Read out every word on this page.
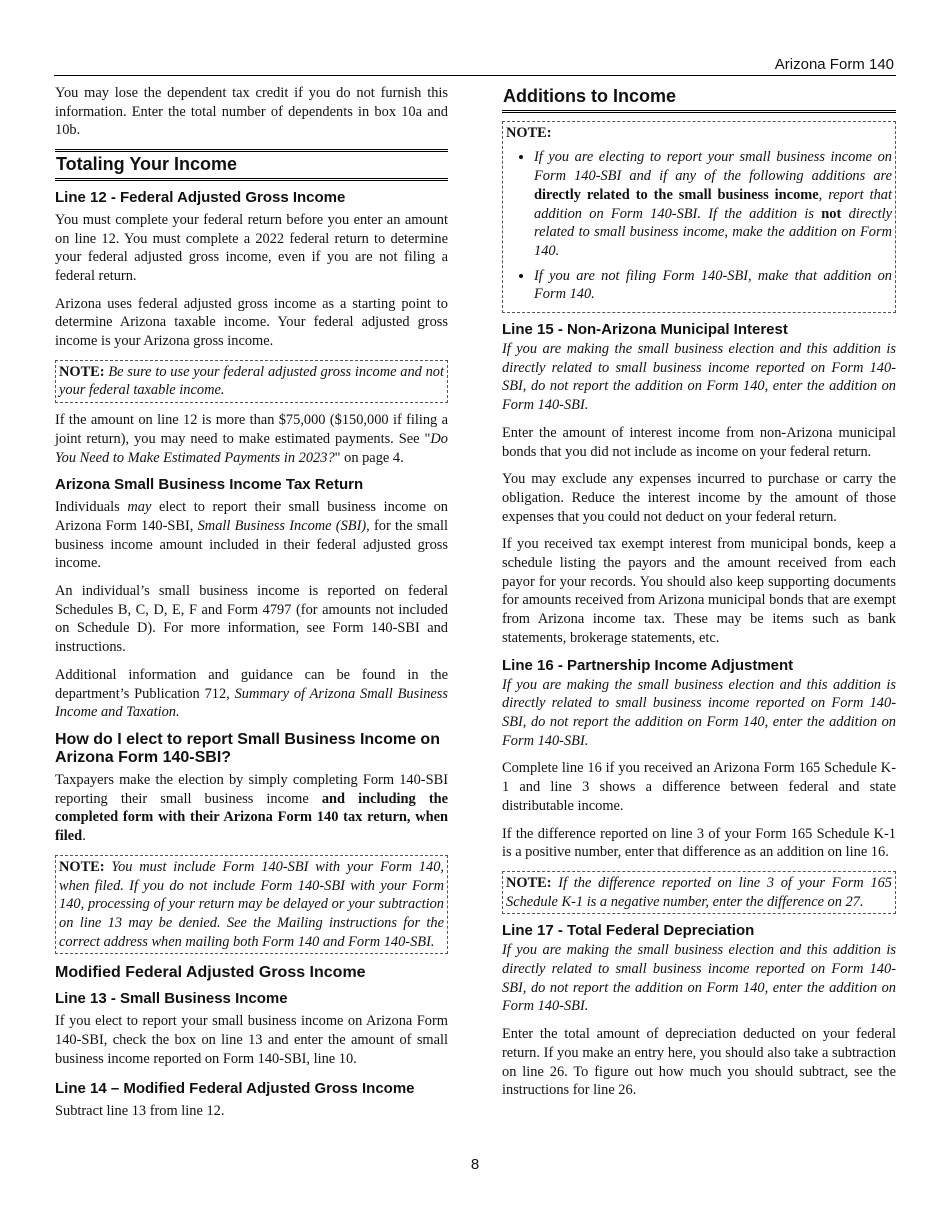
Arizona Form 140

You may lose the dependent tax credit if you do not furnish this information. Enter the total number of dependents in box 10a and 10b.

Totaling Your Income
Line 12 - Federal Adjusted Gross Income

You must complete your federal return before you enter an amount on line 12. You must complete a 2022 federal return to determine your federal adjusted gross income, even if you are not filing a federal return.

Arizona uses federal adjusted gross income as a starting point to determine Arizona taxable income. Your federal adjusted gross income is your Arizona gross income.

NOTE: Be sure to use your federal adjusted gross income and not your federal taxable income.

If the amount on line 12 is more than $75,000 ($150,000 if filing a joint return), you may need to make estimated payments. See "Do You Need to Make Estimated Payments in 2023?" on page 4.

Arizona Small Business Income Tax Return

Individuals may elect to report their small business income on Arizona Form 140-SBI, Small Business Income (SBI), for the small business income amount included in their federal adjusted gross income.

An individual’s small business income is reported on federal Schedules B, C, D, E, F and Form 4797 (for amounts not included on Schedule D). For more information, see Form 140-SBI and instructions.

Additional information and guidance can be found in the department’s Publication 712, Summary of Arizona Small Business Income and Taxation.

How do I elect to report Small Business Income on Arizona Form 140-SBI?

Taxpayers make the election by simply completing Form 140-SBI reporting their small business income and including the completed form with their Arizona Form 140 tax return, when filed.

NOTE: You must include Form 140-SBI with your Form 140, when filed. If you do not include Form 140-SBI with your Form 140, processing of your return may be delayed or your subtraction on line 13 may be denied. See the Mailing instructions for the correct address when mailing both Form 140 and Form 140-SBI.
Modified Federal Adjusted Gross Income
Line 13 - Small Business Income

If you elect to report your small business income on Arizona Form 140-SBI, check the box on line 13 and enter the amount of small business income reported on Form 140-SBI, line 10.

Line 14 – Modified Federal Adjusted Gross Income

Subtract line 13 from line 12.

Additions to Income
NOTE:
• If you are electing to report your small business income on Form 140-SBI and if any of the following additions are directly related to the small business income, report that addition on Form 140-SBI. If the addition is not directly related to small business income, make the addition on Form 140.
• If you are not filing Form 140-SBI, make that addition on Form 140.
Line 15 - Non-Arizona Municipal Interest

If you are making the small business election and this addition is directly related to small business income reported on Form 140-SBI, do not report the addition on Form 140, enter the addition on Form 140-SBI.

Enter the amount of interest income from non-Arizona municipal bonds that you did not include as income on your federal return.

You may exclude any expenses incurred to purchase or carry the obligation. Reduce the interest income by the amount of those expenses that you could not deduct on your federal return.

If you received tax exempt interest from municipal bonds, keep a schedule listing the payors and the amount received from each payor for your records. You should also keep supporting documents for amounts received from Arizona municipal bonds that are exempt from Arizona income tax. These may be items such as bank statements, brokerage statements, etc.

Line 16 - Partnership Income Adjustment

If you are making the small business election and this addition is directly related to small business income reported on Form 140-SBI, do not report the addition on Form 140, enter the addition on Form 140-SBI.

Complete line 16 if you received an Arizona Form 165 Schedule K-1 and line 3 shows a difference between federal and state distributable income.

If the difference reported on line 3 of your Form 165 Schedule K-1 is a positive number, enter that difference as an addition on line 16.

NOTE: If the difference reported on line 3 of your Form 165 Schedule K-1 is a negative number, enter the difference on 27.
Line 17 - Total Federal Depreciation

If you are making the small business election and this addition is directly related to small business income reported on Form 140-SBI, do not report the addition on Form 140, enter the addition on Form 140-SBI.

Enter the total amount of depreciation deducted on your federal return. If you make an entry here, you should also take a subtraction on line 26. To figure out how much you should subtract, see the instructions for line 26.

8
